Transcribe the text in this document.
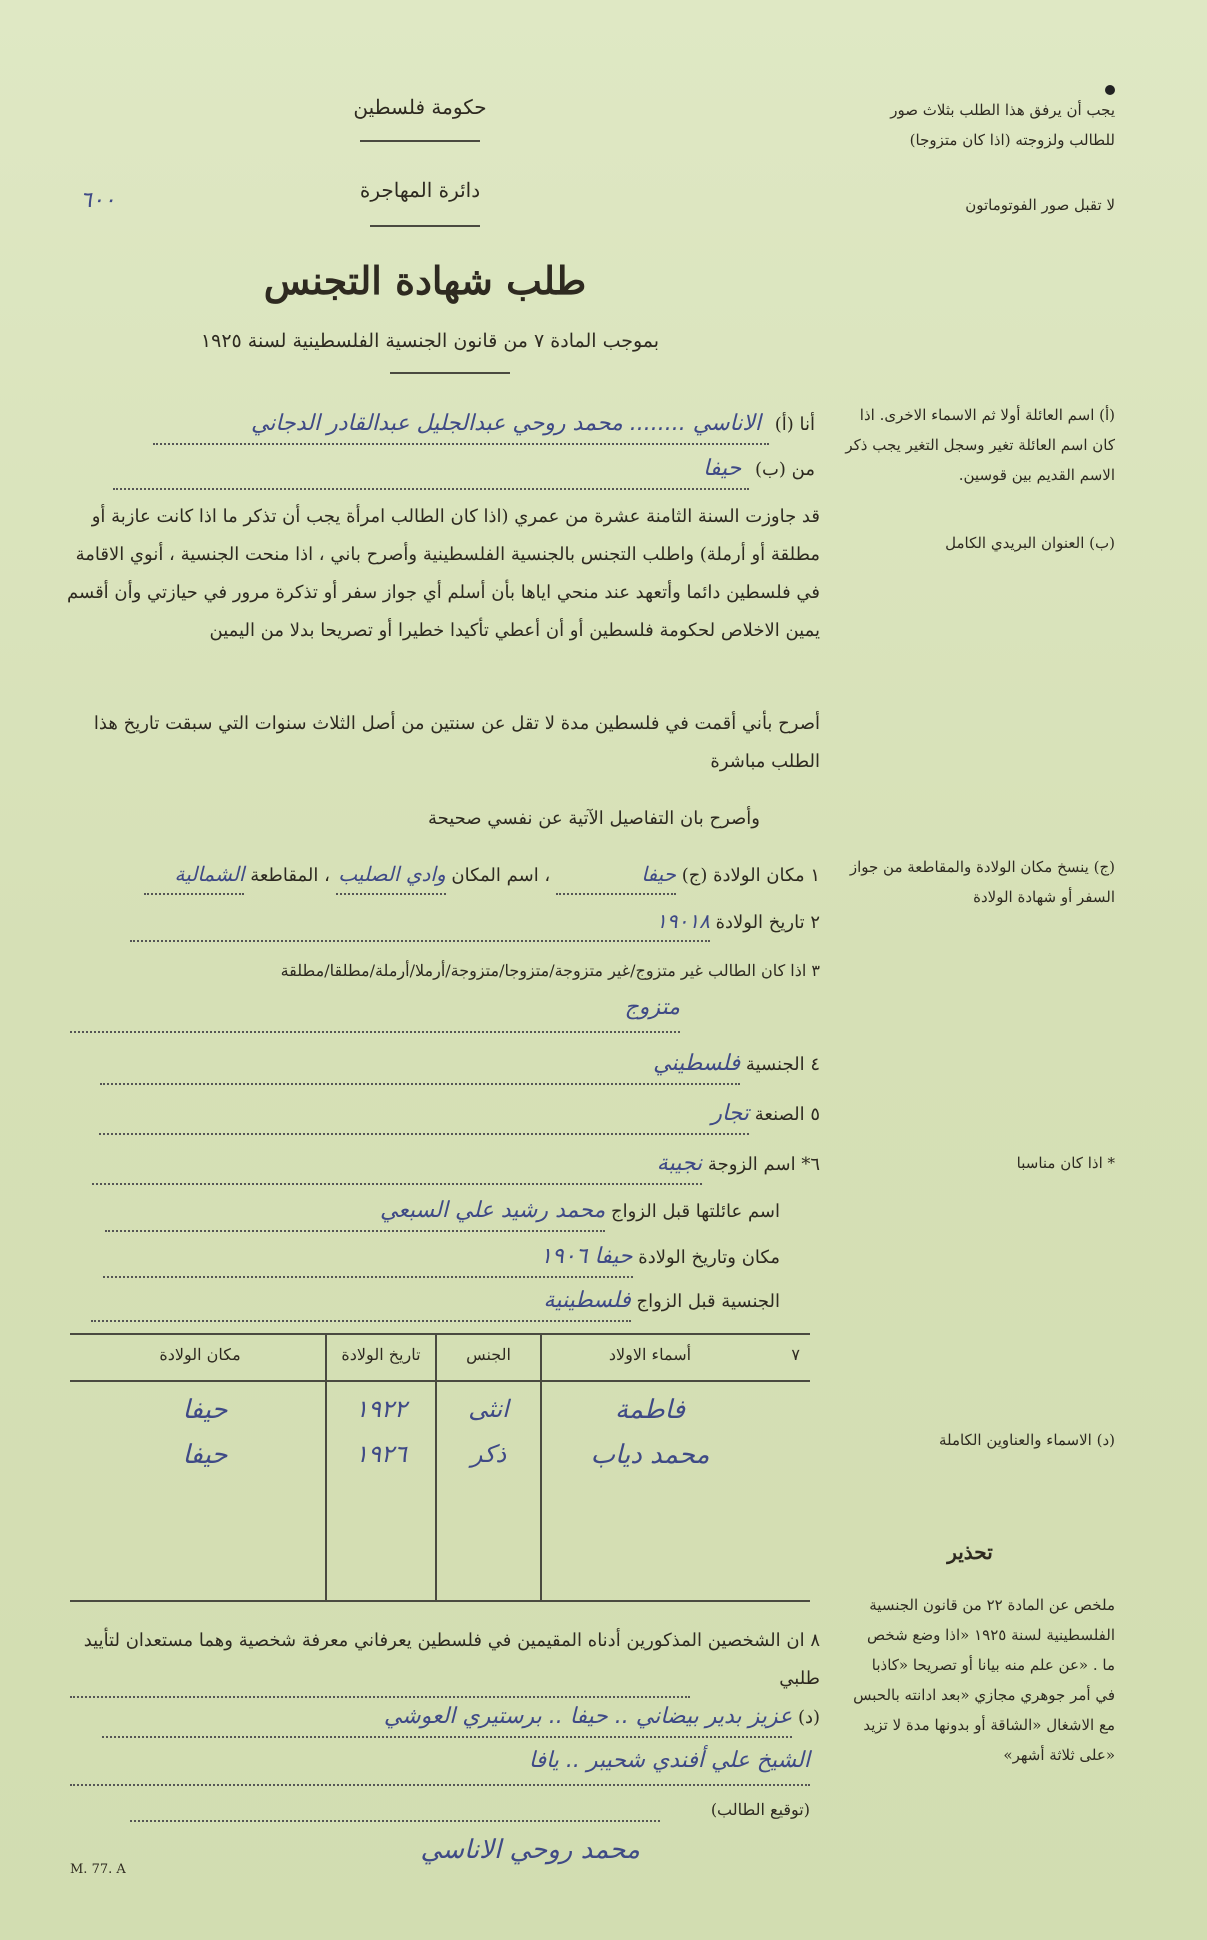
حكومة فلسطين
دائرة المهاجرة
٦٠٠
طلب شهادة التجنس
بموجب المادة ٧ من قانون الجنسية الفلسطينية لسنة ١٩٢٥
يجب أن يرفق هذا الطلب بثلاث صور للطالب ولزوجته (اذا كان متزوجا)
لا تقبل صور الفوتوماتون
(أ) اسم العائلة أولا ثم الاسماء الاخرى. اذا كان اسم العائلة تغير وسجل التغير يجب ذكر الاسم القديم بين قوسين.
(ب) العنوان البريدي الكامل
(ج) ينسخ مكان الولادة والمقاطعة من جواز السفر أو شهادة الولادة
* اذا كان مناسبا
(د) الاسماء والعناوين الكاملة
تحذير
ملخص عن المادة ٢٢ من قانون الجنسية الفلسطينية لسنة ١٩٢٥ «اذا وضع شخص ما . «عن علم منه بيانا أو تصريحا «كاذبا في أمر جوهري مجازي «بعد ادانته بالحبس مع الاشغال «الشاقة أو بدونها مدة لا تزيد «على ثلاثة أشهر»
أنا (أ) الاناسي ........ محمد روحي عبدالجليل عبدالقادر الدجاني
من (ب) حيفا
قد جاوزت السنة الثامنة عشرة من عمري (اذا كان الطالب امرأة يجب أن تذكر ما اذا كانت عازبة أو مطلقة أو أرملة) واطلب التجنس بالجنسية الفلسطينية وأصرح باني ، اذا منحت الجنسية ، أنوي الاقامة في فلسطين دائما وأتعهد عند منحي اياها بأن أسلم أي جواز سفر أو تذكرة مرور في حيازتي وأن أقسم يمين الاخلاص لحكومة فلسطين أو أن أعطي تأكيدا خطيرا أو تصريحا بدلا من اليمين
أصرح بأني أقمت في فلسطين مدة لا تقل عن سنتين من أصل الثلاث سنوات التي سبقت تاريخ هذا الطلب مباشرة
وأصرح بان التفاصيل الآتية عن نفسي صحيحة
١ مكان الولادة (ج) حيفا ، اسم المكان وادي الصليب ، المقاطعة الشمالية
٢ تاريخ الولادة ١٩٠١٨
٣ اذا كان الطالب غير متزوج/غير متزوجة/متزوجا/متزوجة/أرملا/أرملة/مطلقا/مطلقة
متزوج
٤ الجنسية فلسطيني
٥ الصنعة تجار
٦* اسم الزوجة نجيبة
اسم عائلتها قبل الزواج محمد رشيد علي السبعي
مكان وتاريخ الولادة حيفا ١٩٠٦
الجنسية قبل الزواج فلسطينية
٧
أسماء الاولاد
الجنس
تاريخ الولادة
مكان الولادة
فاطمة
انثى
١٩٢٢
حيفا
محمد دياب
ذكر
١٩٢٦
حيفا
٨ ان الشخصين المذكورين أدناه المقيمين في فلسطين يعرفاني معرفة شخصية وهما مستعدان لتأييد طلبي
(د) عزيز بدير بيضاني .. حيفا .. برستيري العوشي
الشيخ علي أفندي شحيبر .. يافا
(توقيع الطالب)
محمد روحي الاناسي
M. 77. A
